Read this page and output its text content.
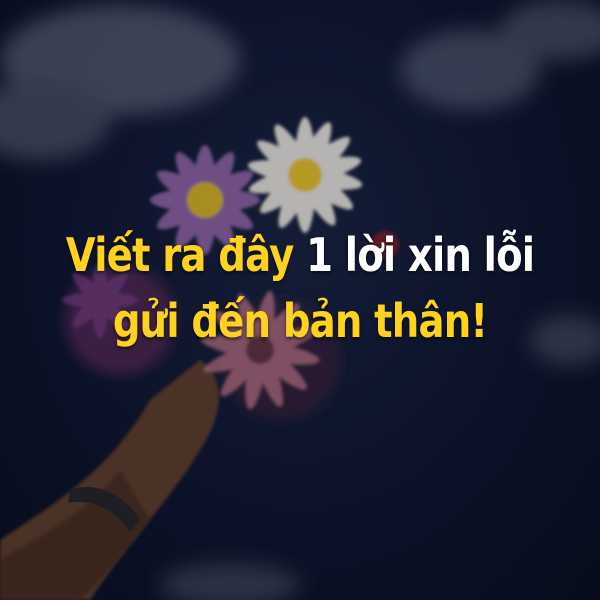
Viết ra đây 1 lời xin lỗi
gửi đến bản thân!
